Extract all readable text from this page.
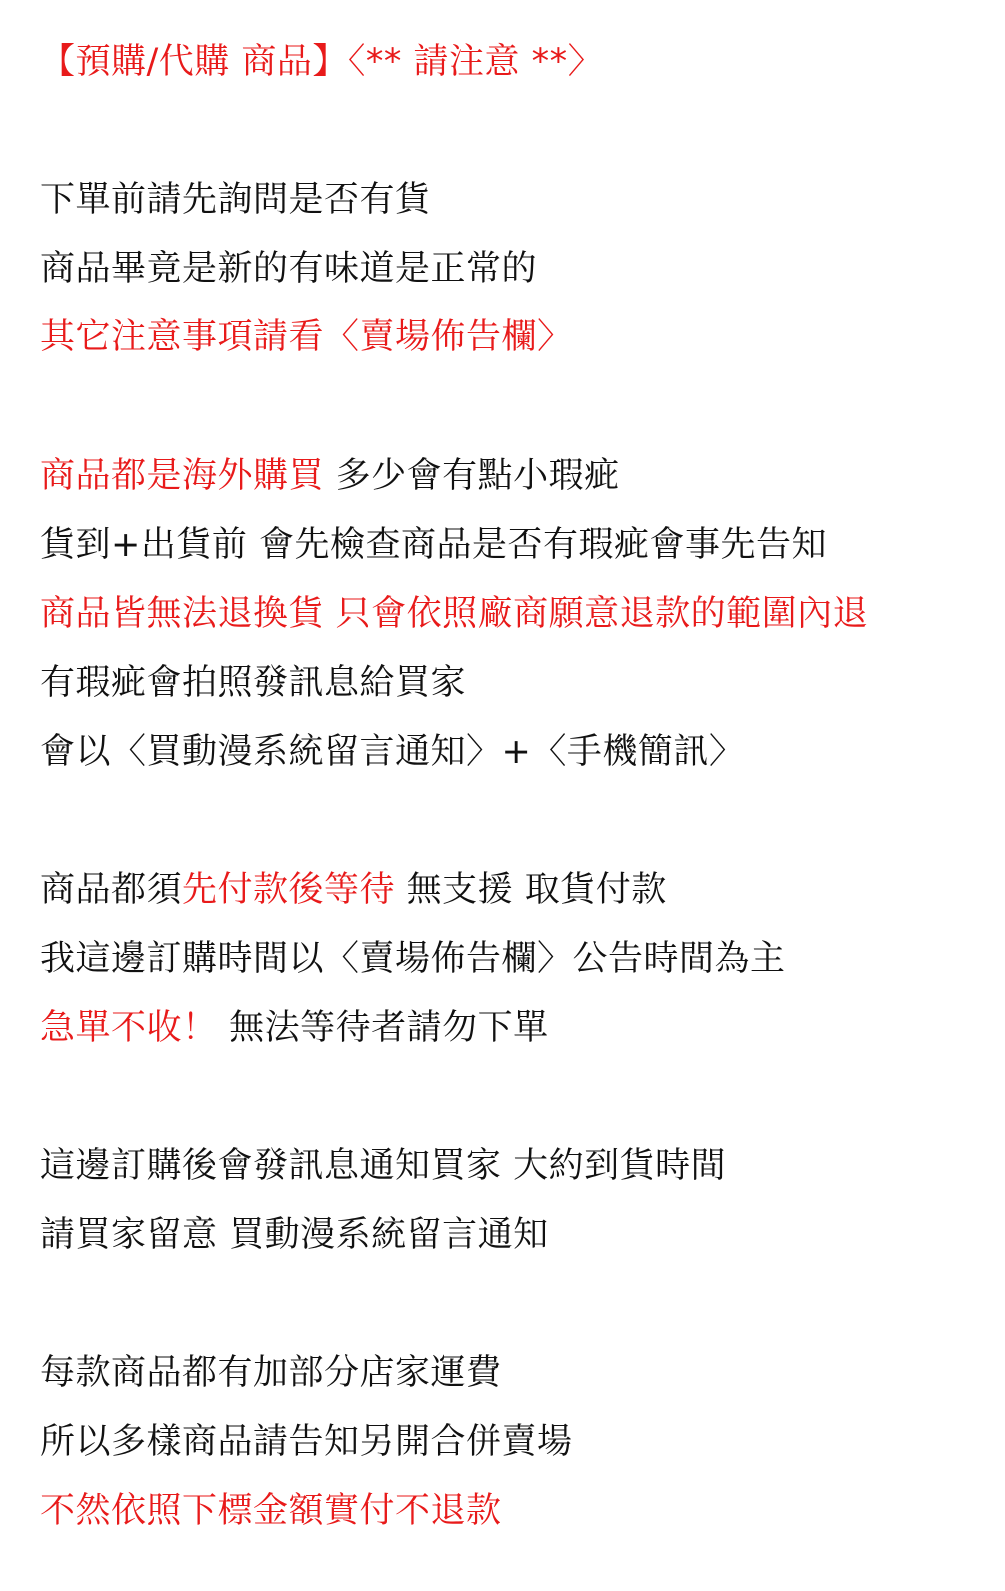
【預購/代購 商品】〈** 請注意 **〉
下單前請先詢問是否有貨
商品畢竟是新的有味道是正常的
其它注意事項請看〈賣場佈告欄〉
商品都是海外購買 多少會有點小瑕疵
貨到+出貨前 會先檢查商品是否有瑕疵會事先告知
商品皆無法退換貨 只會依照廠商願意退款的範圍內退
有瑕疵會拍照發訊息給買家
會以〈買動漫系統留言通知〉+〈手機簡訊〉
商品都須先付款後等待 無支援 取貨付款
我這邊訂購時間以〈賣場佈告欄〉公告時間為主
急單不收！ 無法等待者請勿下單
這邊訂購後會發訊息通知買家 大約到貨時間
請買家留意 買動漫系統留言通知
每款商品都有加部分店家運費
所以多樣商品請告知另開合併賣場
不然依照下標金額實付不退款
